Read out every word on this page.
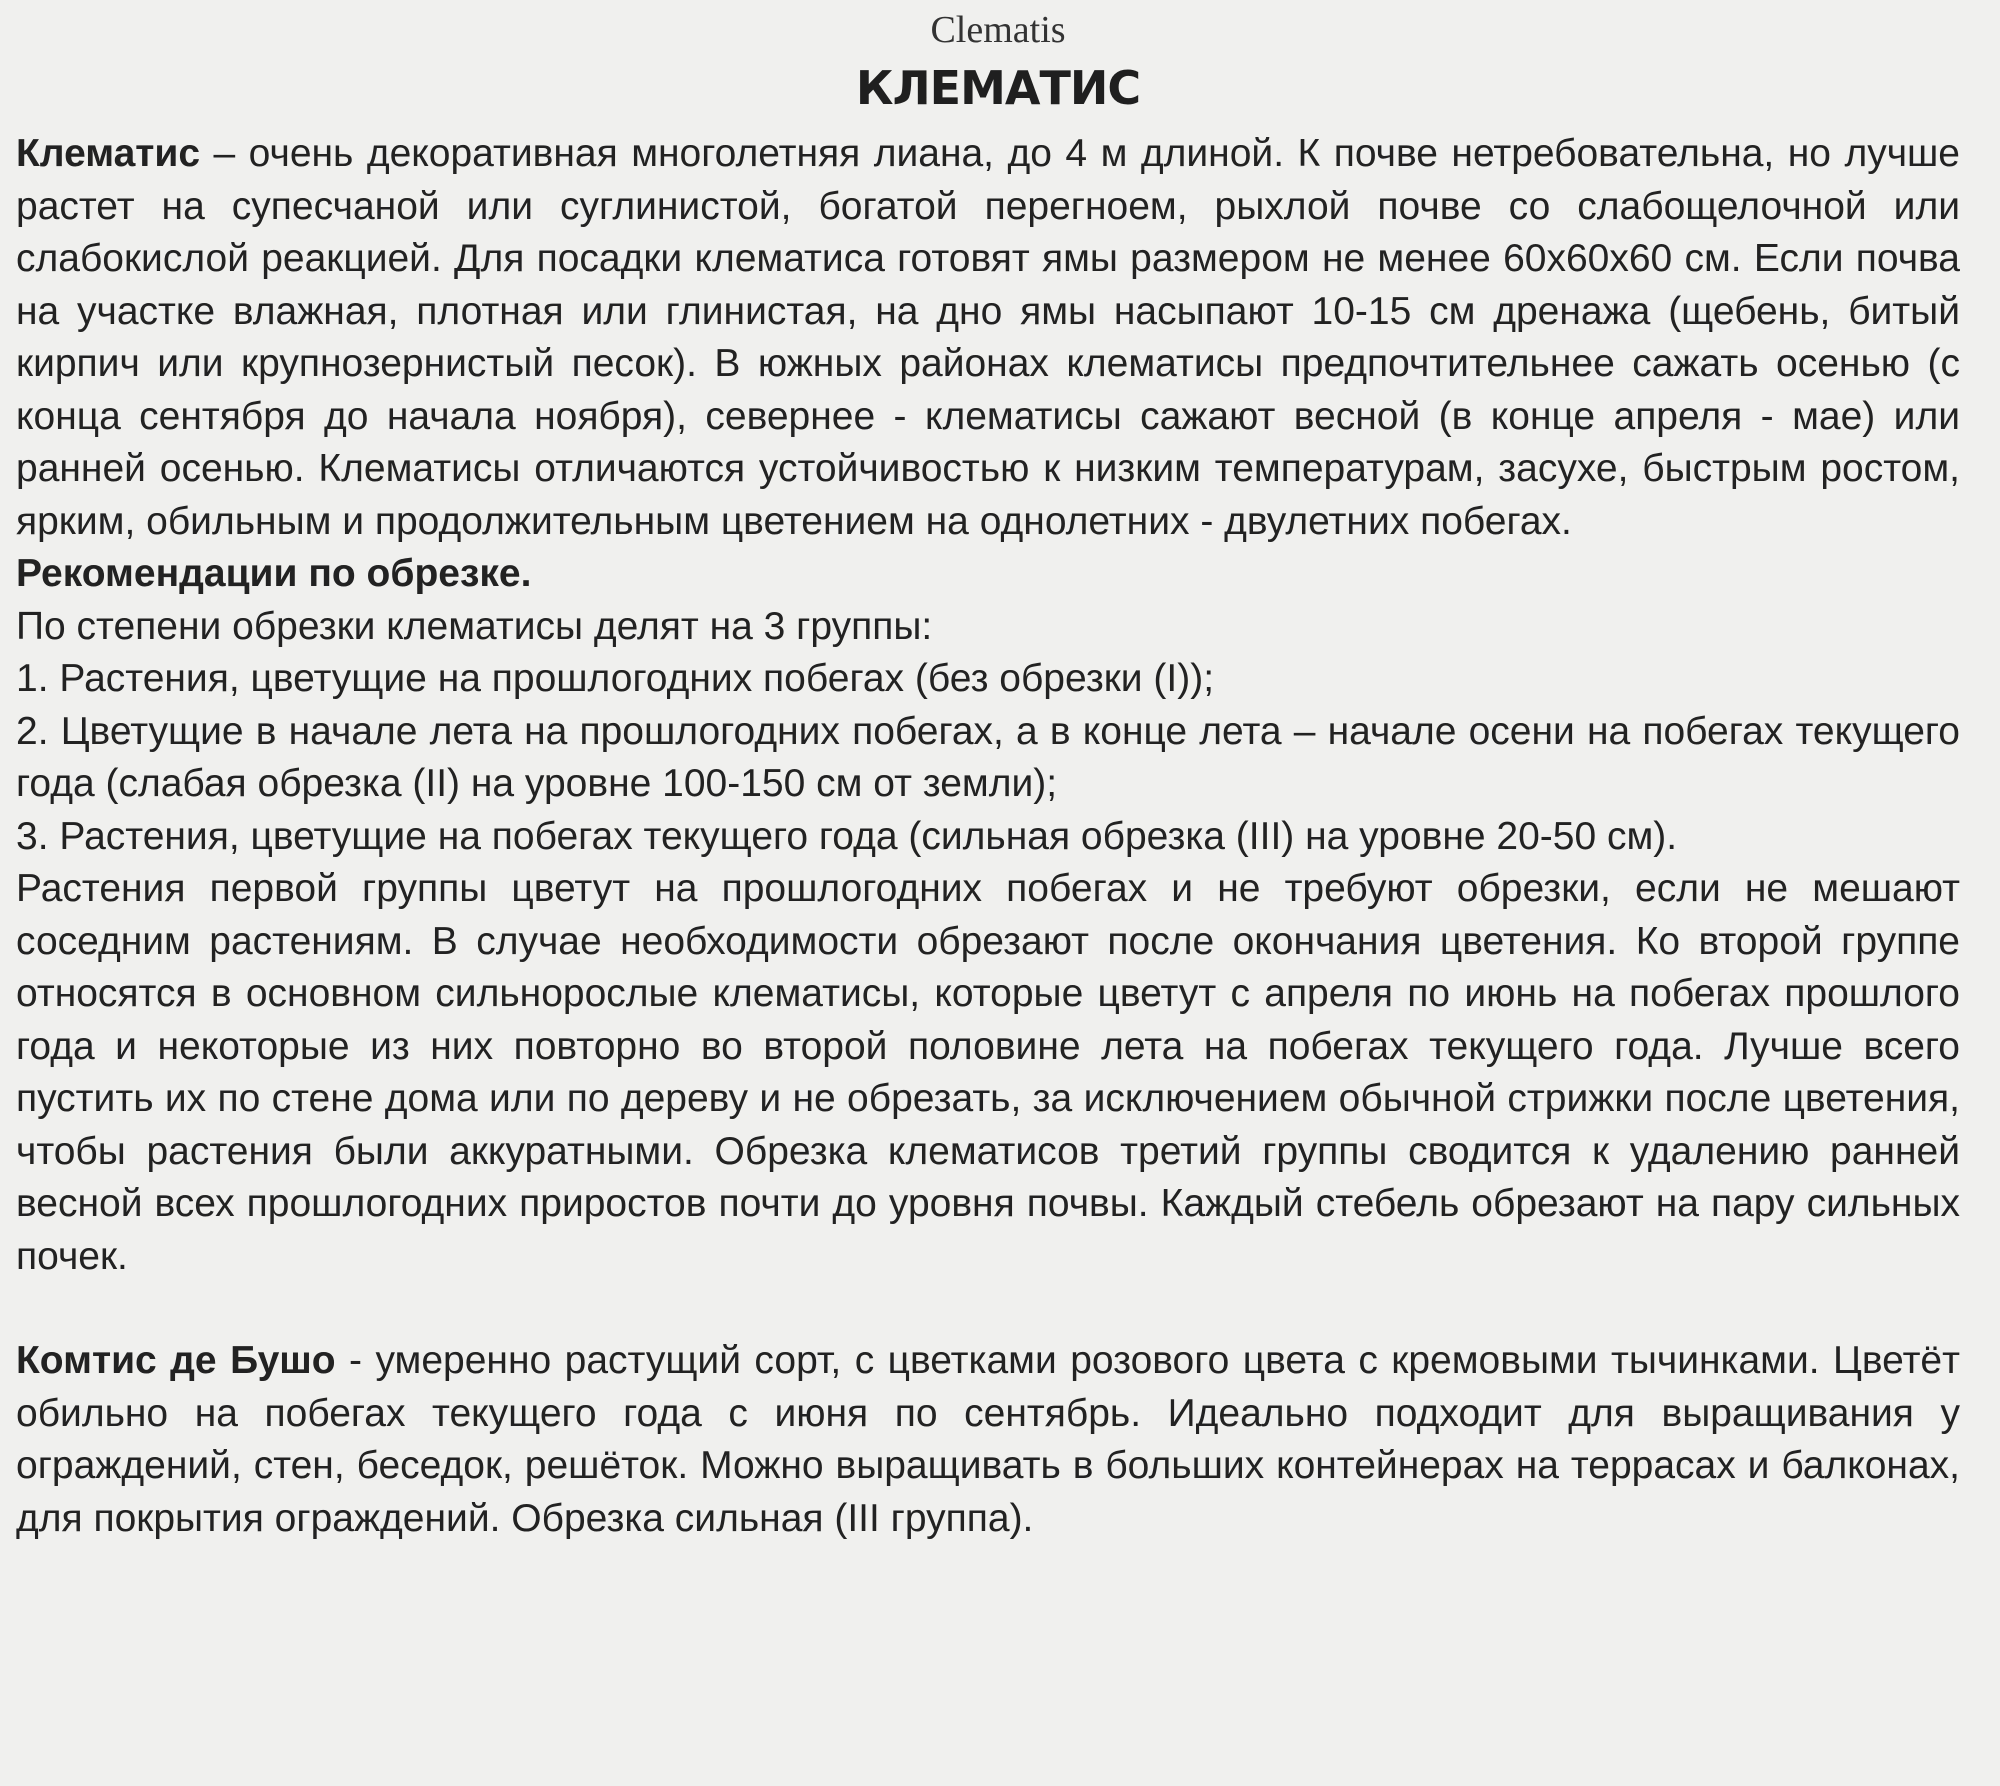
Clematis
КЛЕМАТИС

Клематис – очень декоративная многолетняя лиана, до 4 м длиной. К почве нетребовательна, но лучше растет на супесчаной или суглинистой, богатой перегноем, рыхлой почве со слабощелочной или слабокислой реакцией. Для посадки клематиса готовят ямы размером не менее 60х60х60 см. Если почва на участке влажная, плотная или глинистая, на дно ямы насыпают 10-15 см дренажа (щебень, битый кирпич или крупнозернистый песок). В южных районах клематисы предпочтительнее сажать осенью (с конца сентября до начала ноября), севернее - клематисы сажают весной (в конце апреля - мае) или ранней осенью. Клематисы отличаются устойчивостью к низким температурам, засухе, быстрым ростом, ярким, обильным и продолжительным цветением на однолетних - двулетних побегах.

Рекомендации по обрезке.

По степени обрезки клематисы делят на 3 группы:

1. Растения, цветущие на прошлогодних побегах (без обрезки (I));

2. Цветущие в начале лета на прошлогодних побегах, а в конце лета – начале осени на побегах текущего года (слабая обрезка (II) на уровне 100-150 см от земли);

3. Растения, цветущие на побегах текущего года (сильная обрезка (III) на уровне 20-50 см).

Растения первой группы цветут на прошлогодних побегах и не требуют обрезки, если не мешают соседним растениям. В случае необходимости обрезают после окончания цветения. Ко второй группе относятся в основном сильнорослые клематисы, которые цветут с апреля по июнь на побегах прошлого года и некоторые из них повторно во второй половине лета на побегах текущего года. Лучше всего пустить их по стене дома или по дереву и не обрезать, за исключением обычной стрижки после цветения, чтобы растения были аккуратными. Обрезка клематисов третий группы сводится к удалению ранней весной всех прошлогодних приростов почти до уровня почвы. Каждый стебель обрезают на пару сильных почек.

Комтис де Бушо - умеренно растущий сорт, с цветками розового цвета с кремовыми тычинками. Цветёт обильно на побегах текущего года с июня по сентябрь. Идеально подходит для выращивания у ограждений, стен, беседок, решёток. Можно выращивать в больших контейнерах на террасах и балконах, для покрытия ограждений. Обрезка сильная (III группа).
